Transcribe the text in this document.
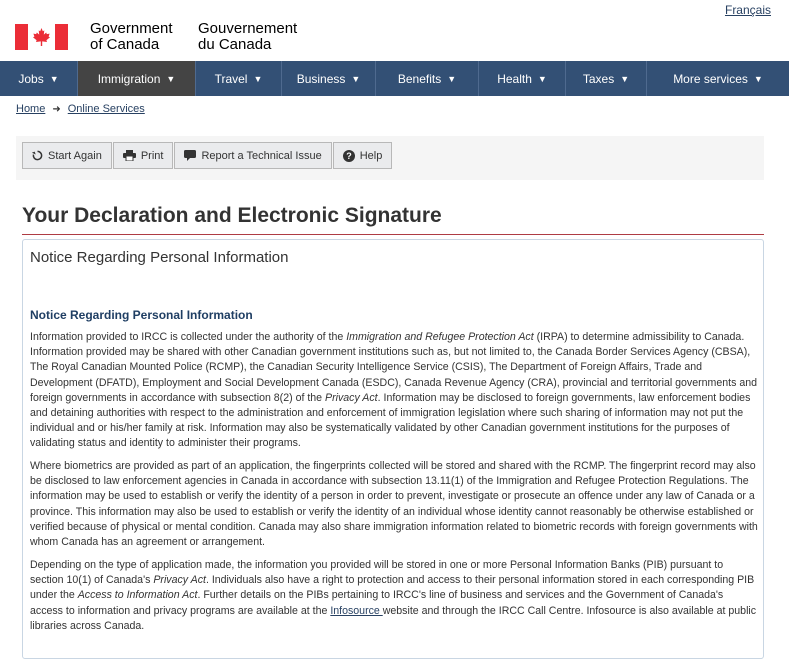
Français
Government
of Canada
Gouvernement
du Canada
Jobs ▼	Immigration ▼	Travel ▼	Business ▼	Benefits ▼	Health ▼	Taxes ▼	More services ▼
Home ➜ Online Services
Start Again	Print	Report a Technical Issue	? Help
Your Declaration and Electronic Signature
Notice Regarding Personal Information
Notice Regarding Personal Information

Information provided to IRCC is collected under the authority of the Immigration and Refugee Protection Act (IRPA) to determine admissibility to Canada. Information provided may be shared with other Canadian government institutions such as, but not limited to, the Canada Border Services Agency (CBSA), The Royal Canadian Mounted Police (RCMP), the Canadian Security Intelligence Service (CSIS), The Department of Foreign Affairs, Trade and Development (DFATD), Employment and Social Development Canada (ESDC), Canada Revenue Agency (CRA), provincial and territorial governments and foreign governments in accordance with subsection 8(2) of the Privacy Act. Information may be disclosed to foreign governments, law enforcement bodies and detaining authorities with respect to the administration and enforcement of immigration legislation where such sharing of information may not put the individual and or his/her family at risk. Information may also be systematically validated by other Canadian government institutions for the purposes of validating status and identity to administer their programs.

Where biometrics are provided as part of an application, the fingerprints collected will be stored and shared with the RCMP. The fingerprint record may also be disclosed to law enforcement agencies in Canada in accordance with subsection 13.11(1) of the Immigration and Refugee Protection Regulations. The information may be used to establish or verify the identity of a person in order to prevent, investigate or prosecute an offence under any law of Canada or a province. This information may also be used to establish or verify the identity of an individual whose identity cannot reasonably be otherwise established or verified because of physical or mental condition. Canada may also share immigration information related to biometric records with foreign governments with whom Canada has an agreement or arrangement.

Depending on the type of application made, the information you provided will be stored in one or more Personal Information Banks (PIB) pursuant to section 10(1) of Canada's Privacy Act. Individuals also have a right to protection and access to their personal information stored in each corresponding PIB under the Access to Information Act. Further details on the PIBs pertaining to IRCC's line of business and services and the Government of Canada's access to information and privacy programs are available at the Infosource website and through the IRCC Call Centre. Infosource is also available at public libraries across Canada.
